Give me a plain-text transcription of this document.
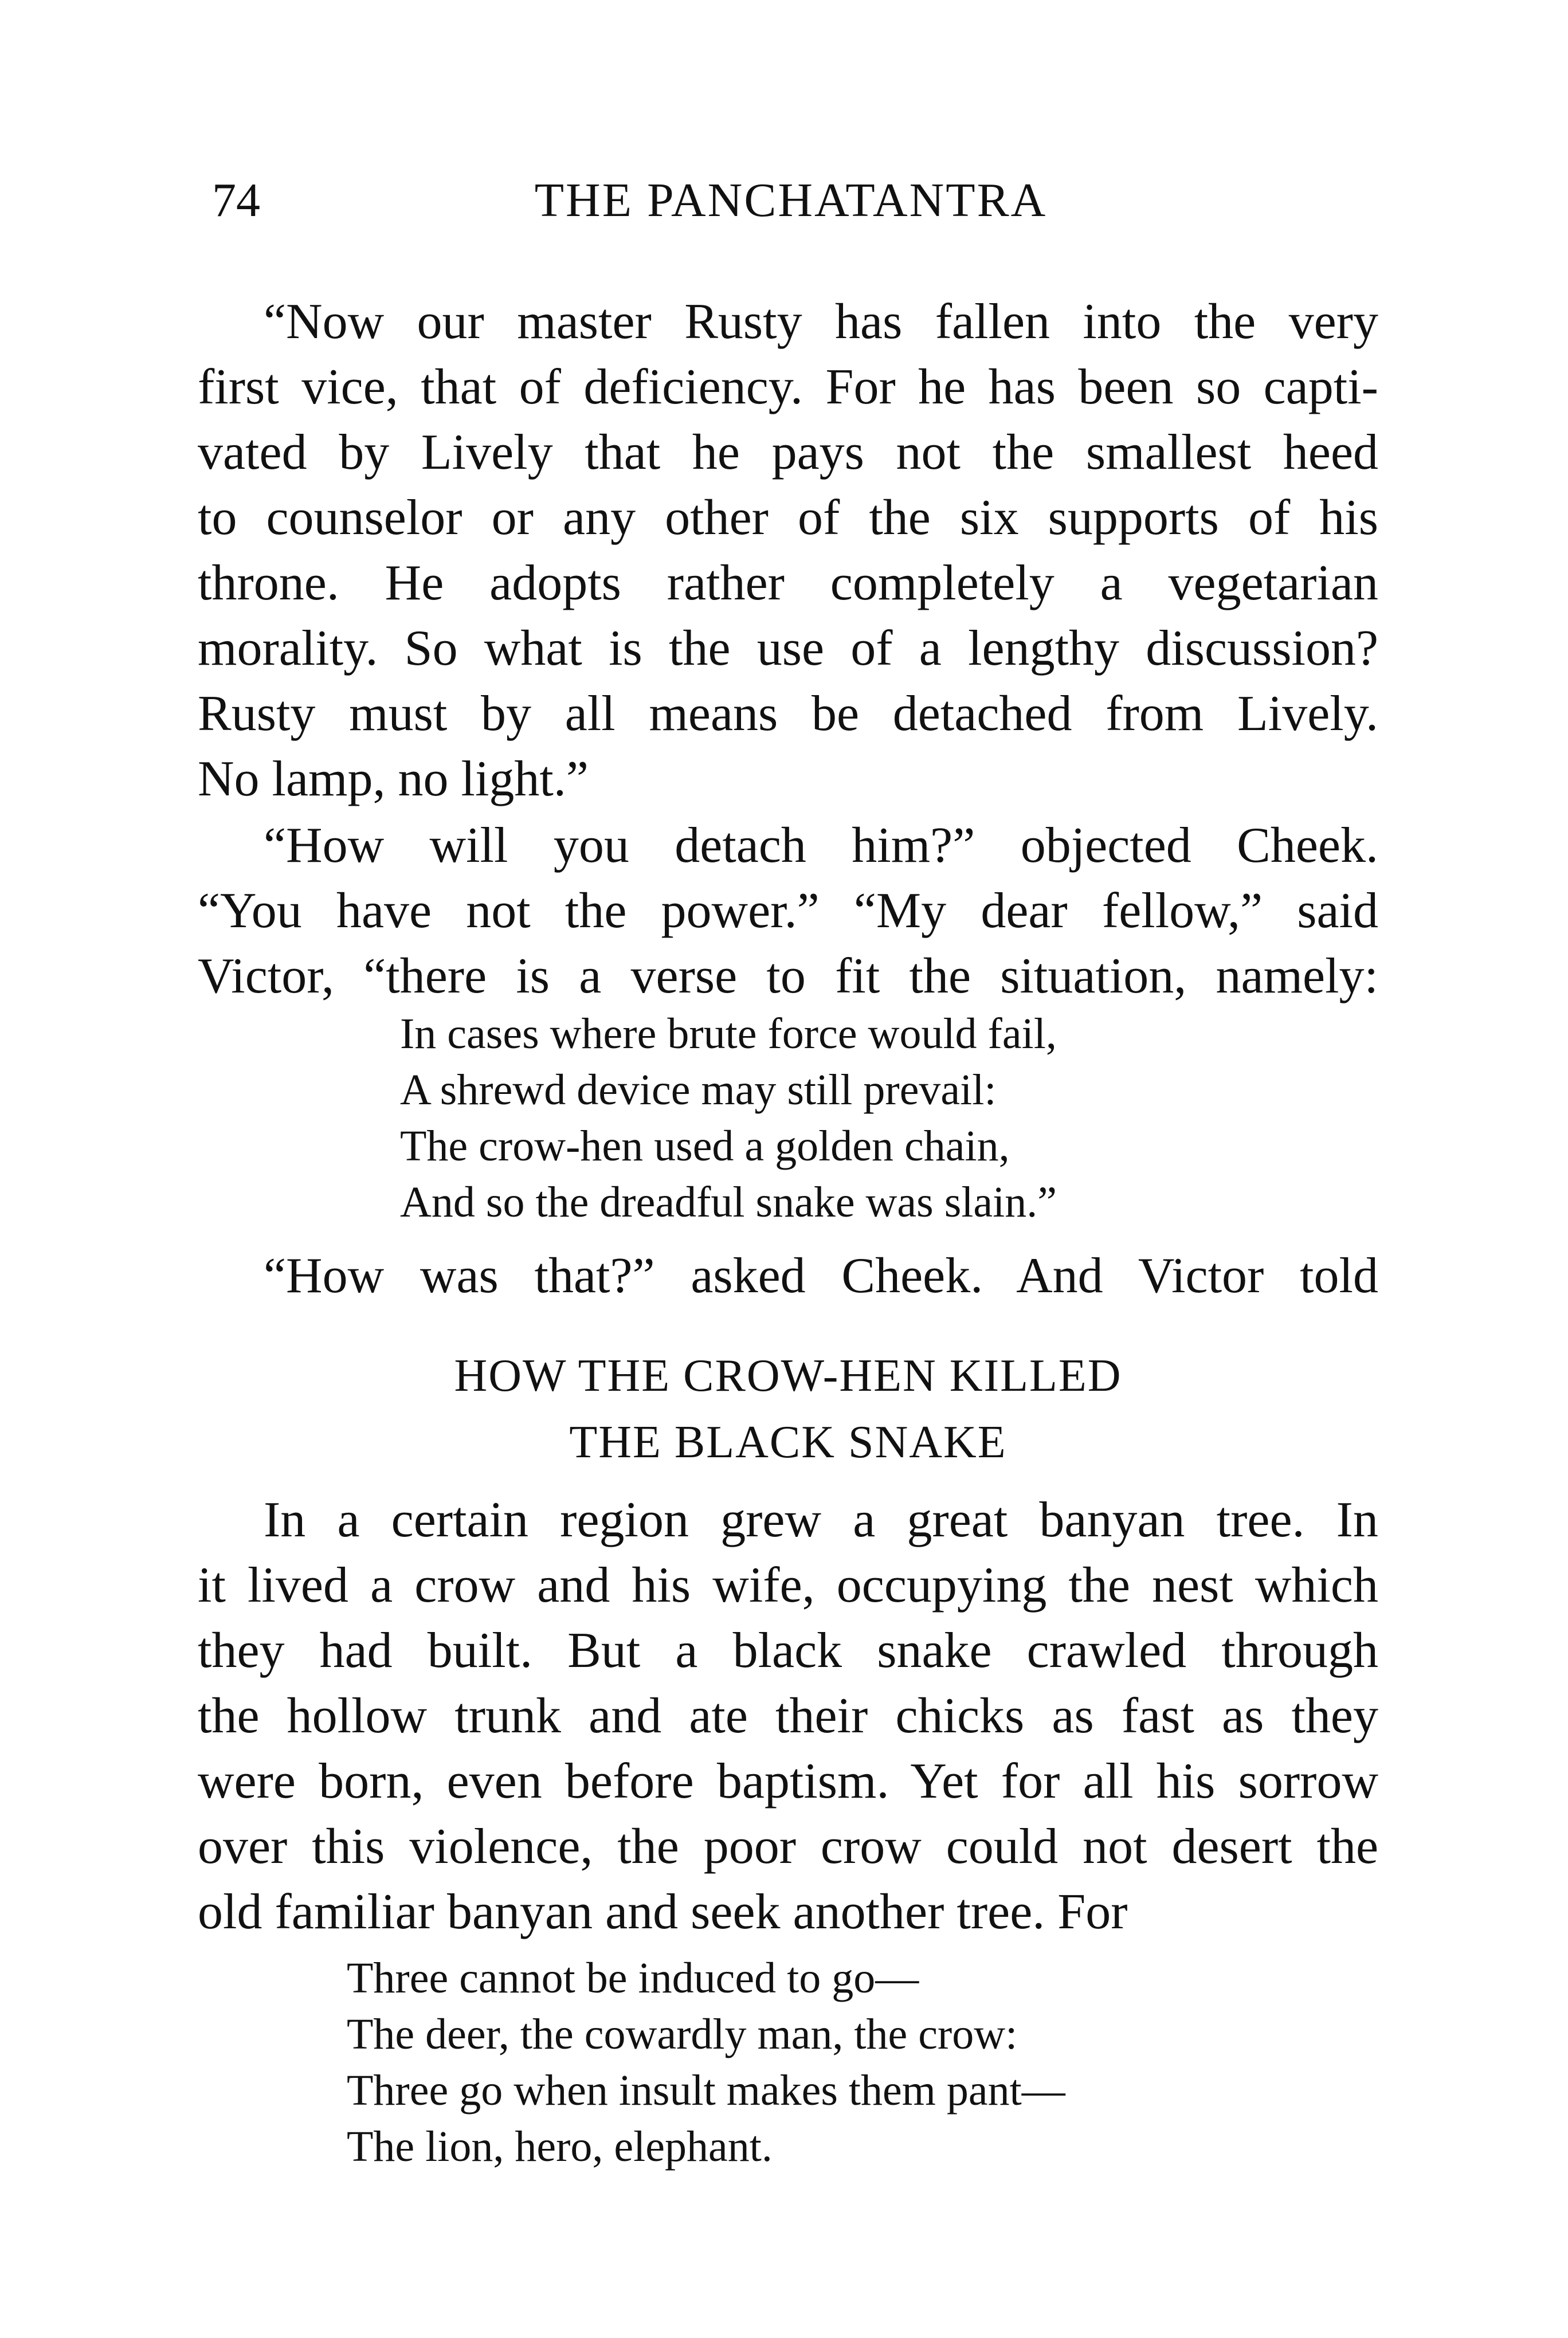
74	THE PANCHATANTRA
“Now our master Rusty has fallen into the very
first vice, that of deficiency. For he has been so capti-
vated by Lively that he pays not the smallest heed
to counselor or any other of the six supports of his
throne. He adopts rather completely a vegetarian
morality. So what is the use of a lengthy discussion?
Rusty must by all means be detached from Lively.
No lamp, no light.”
“How will you detach him?” objected Cheek.
“You have not the power.” “My dear fellow,” said
Victor, “there is a verse to fit the situation, namely:
In cases where brute force would fail,
A shrewd device may still prevail:
The crow-hen used a golden chain,
And so the dreadful snake was slain.”
“How was that?” asked Cheek. And Victor told
HOW THE CROW-HEN KILLED
THE BLACK SNAKE
In a certain region grew a great banyan tree. In
it lived a crow and his wife, occupying the nest which
they had built. But a black snake crawled through
the hollow trunk and ate their chicks as fast as they
were born, even before baptism. Yet for all his sorrow
over this violence, the poor crow could not desert the
old familiar banyan and seek another tree. For
Three cannot be induced to go—
The deer, the cowardly man, the crow:
Three go when insult makes them pant—
The lion, hero, elephant.
